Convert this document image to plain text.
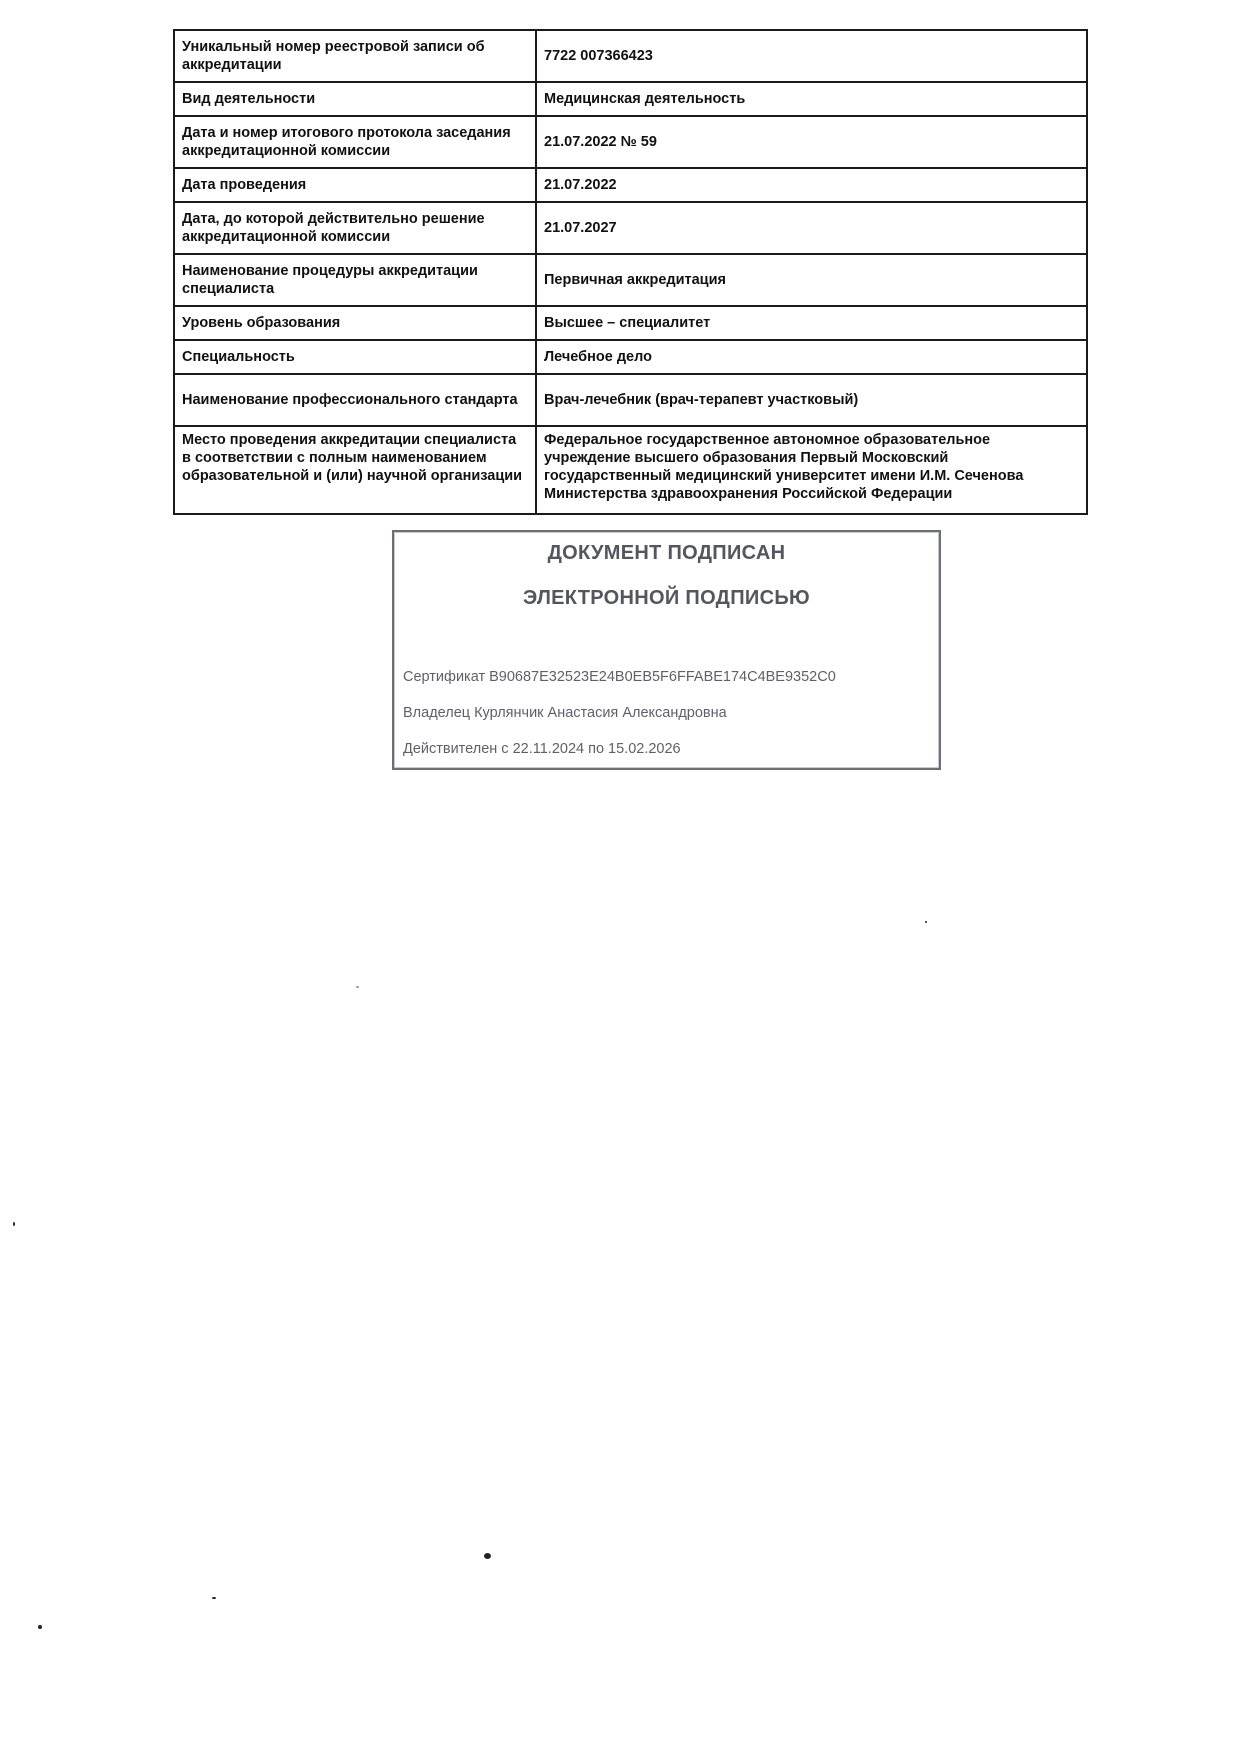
Уникальный номер реестровой записи об аккредитации	7722 007366423
Вид деятельности	Медицинская деятельность
Дата и номер итогового протокола заседания аккредитационной комиссии	21.07.2022 № 59
Дата проведения	21.07.2022
Дата, до которой действительно решение аккредитационной комиссии	21.07.2027
Наименование процедуры аккредитации специалиста	Первичная аккредитация
Уровень образования	Высшее – специалитет
Специальность	Лечебное дело
Наименование профессионального стандарта	Врач-лечебник (врач-терапевт участковый)
Место проведения аккредитации специалиста в соответствии с полным наименованием образовательной и (или) научной организации	Федеральное государственное автономное образовательное учреждение высшего образования Первый Московский государственный медицинский университет имени И.М. Сеченова Министерства здравоохранения Российской Федерации
ДОКУМЕНТ ПОДПИСАН
ЭЛЕКТРОННОЙ ПОДПИСЬЮ
Сертификат B90687E32523E24B0EB5F6FFABE174C4BE9352C0
Владелец Курлянчик Анастасия Александровна
Действителен с 22.11.2024 по 15.02.2026
